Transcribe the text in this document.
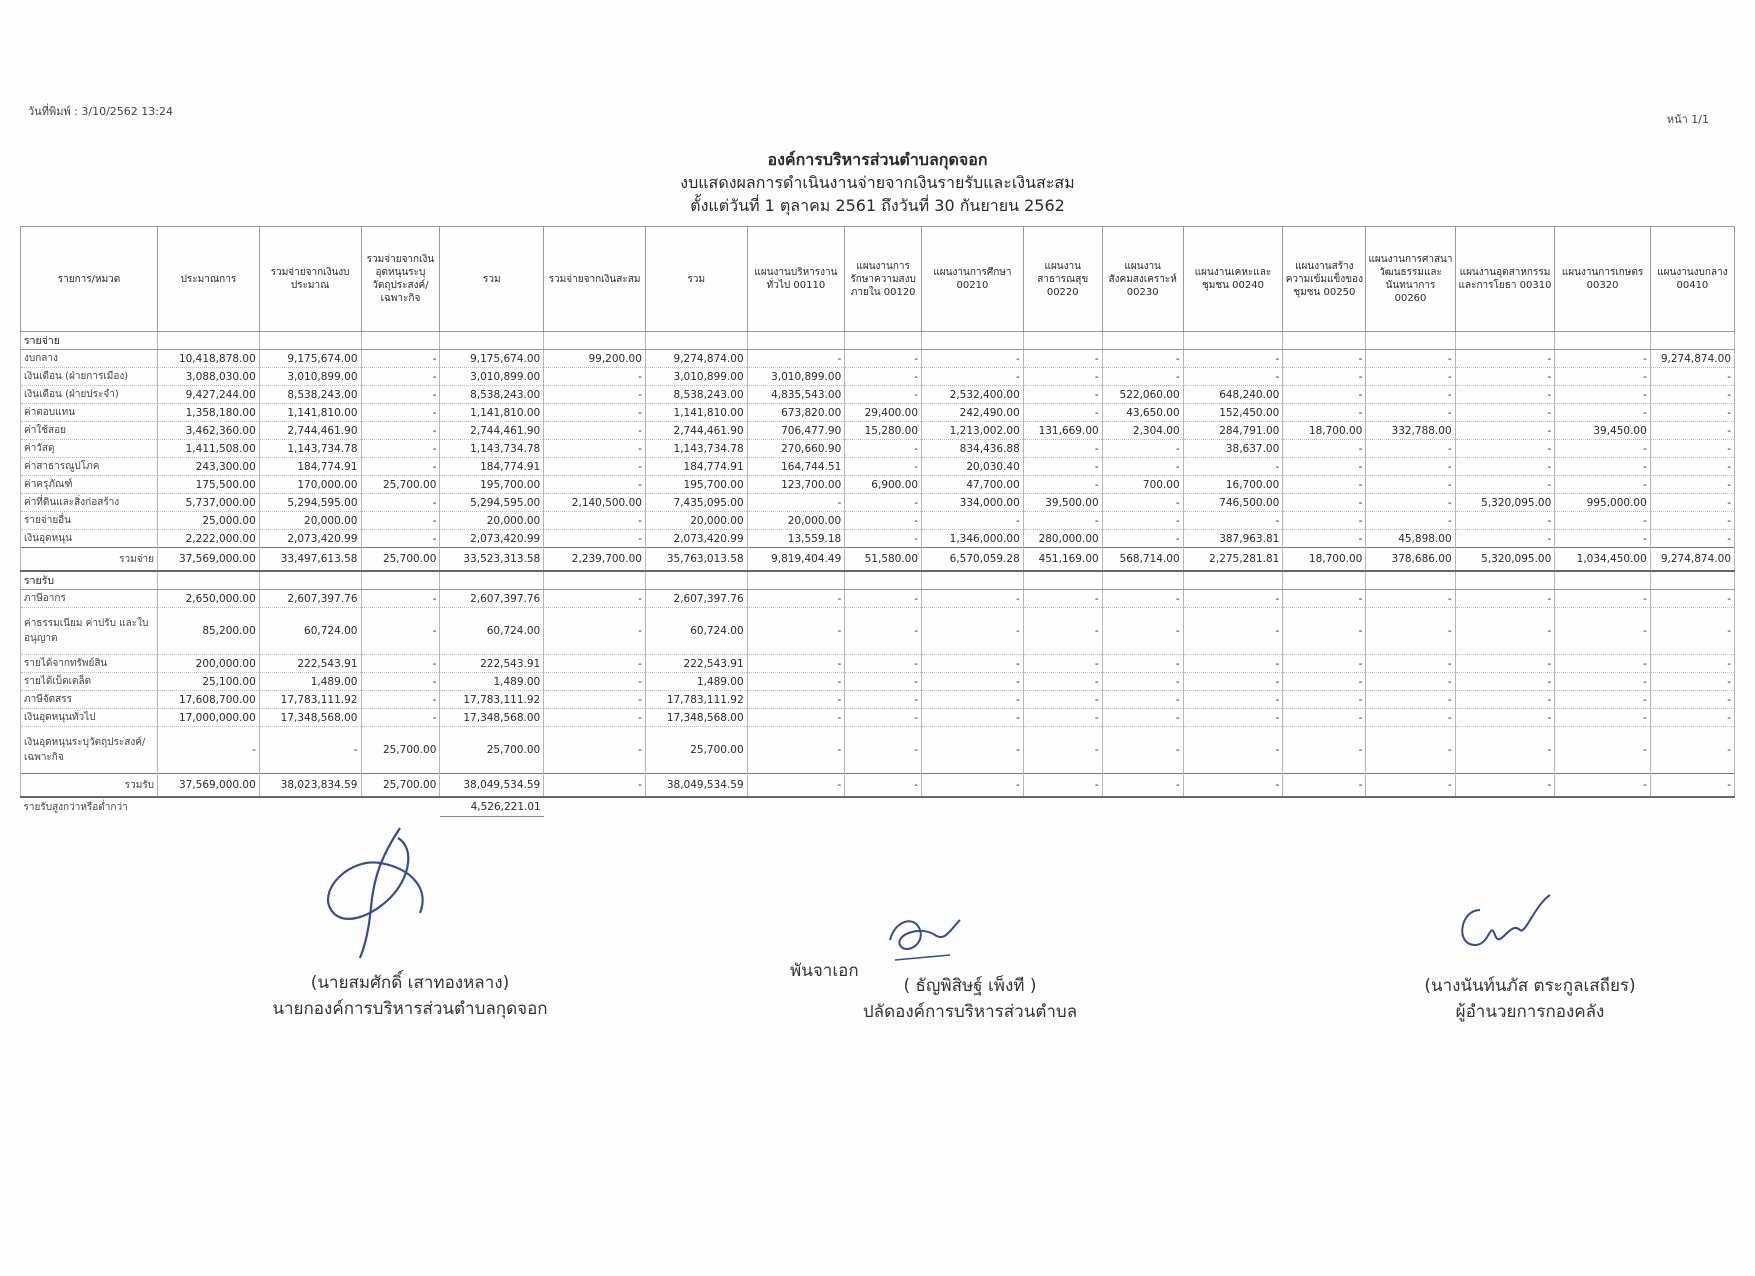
วันที่พิมพ์ : 3/10/2562 13:24
หน้า 1/1
องค์การบริหารส่วนตำบลกุดจอก
งบแสดงผลการดำเนินงานจ่ายจากเงินรายรับและเงินสะสม
ตั้งแต่วันที่ 1 ตุลาคม 2561 ถึงวันที่ 30 กันยายน 2562
รายการ/หมวด	ประมาณการ	รวมจ่ายจากเงินงบประมาณ	รวมจ่ายจากเงินอุดหนุนระบุวัตถุประสงค์/เฉพาะกิจ	รวม	รวมจ่ายจากเงินสะสม	รวม	แผนงานบริหารงานทั่วไป 00110	แผนงานการรักษาความสงบภายใน 00120	แผนงานการศึกษา 00210	แผนงานสาธารณสุข 00220	แผนงานสังคมสงเคราะห์ 00230	แผนงานเคหะและชุมชน 00240	แผนงานสร้างความเข้มแข็งของชุมชน 00250	แผนงานการศาสนาวัฒนธรรมและนันทนาการ 00260	แผนงานอุตสาหกรรมและการโยธา 00310	แผนงานการเกษตร 00320	แผนงานงบกลาง 00410
รายจ่าย																	
งบกลาง	10,418,878.00	9,175,674.00	-	9,175,674.00	99,200.00	9,274,874.00	-	-	-	-	-	-	-	-	-	-	9,274,874.00
เงินเดือน (ฝ่ายการเมือง)	3,088,030.00	3,010,899.00	-	3,010,899.00	-	3,010,899.00	3,010,899.00	-	-	-	-	-	-	-	-	-	-
เงินเดือน (ฝ่ายประจำ)	9,427,244.00	8,538,243.00	-	8,538,243.00	-	8,538,243.00	4,835,543.00	-	2,532,400.00	-	522,060.00	648,240.00	-	-	-	-	-
ค่าตอบแทน	1,358,180.00	1,141,810.00	-	1,141,810.00	-	1,141,810.00	673,820.00	29,400.00	242,490.00	-	43,650.00	152,450.00	-	-	-	-	-
ค่าใช้สอย	3,462,360.00	2,744,461.90	-	2,744,461.90	-	2,744,461.90	706,477.90	15,280.00	1,213,002.00	131,669.00	2,304.00	284,791.00	18,700.00	332,788.00	-	39,450.00	-
ค่าวัสดุ	1,411,508.00	1,143,734.78	-	1,143,734.78	-	1,143,734.78	270,660.90	-	834,436.88	-	-	38,637.00	-	-	-	-	-
ค่าสาธารณูปโภค	243,300.00	184,774.91	-	184,774.91	-	184,774.91	164,744.51	-	20,030.40	-	-	-	-	-	-	-	-
ค่าครุภัณฑ์	175,500.00	170,000.00	25,700.00	195,700.00	-	195,700.00	123,700.00	6,900.00	47,700.00	-	700.00	16,700.00	-	-	-	-	-
ค่าที่ดินและสิ่งก่อสร้าง	5,737,000.00	5,294,595.00	-	5,294,595.00	2,140,500.00	7,435,095.00	-	-	334,000.00	39,500.00	-	746,500.00	-	-	5,320,095.00	995,000.00	-
รายจ่ายอื่น	25,000.00	20,000.00	-	20,000.00	-	20,000.00	20,000.00	-	-	-	-	-	-	-	-	-	-
เงินอุดหนุน	2,222,000.00	2,073,420.99	-	2,073,420.99	-	2,073,420.99	13,559.18	-	1,346,000.00	280,000.00	-	387,963.81	-	45,898.00	-	-	-
รวมจ่าย	37,569,000.00	33,497,613.58	25,700.00	33,523,313.58	2,239,700.00	35,763,013.58	9,819,404.49	51,580.00	6,570,059.28	451,169.00	568,714.00	2,275,281.81	18,700.00	378,686.00	5,320,095.00	1,034,450.00	9,274,874.00
รายรับ																	
ภาษีอากร	2,650,000.00	2,607,397.76	-	2,607,397.76	-	2,607,397.76	-	-	-	-	-	-	-	-	-	-	-
ค่าธรรมเนียม ค่าปรับ และใบอนุญาต	85,200.00	60,724.00	-	60,724.00	-	60,724.00	-	-	-	-	-	-	-	-	-	-	-
รายได้จากทรัพย์สิน	200,000.00	222,543.91	-	222,543.91	-	222,543.91	-	-	-	-	-	-	-	-	-	-	-
รายได้เบ็ดเตล็ด	25,100.00	1,489.00	-	1,489.00	-	1,489.00	-	-	-	-	-	-	-	-	-	-	-
ภาษีจัดสรร	17,608,700.00	17,783,111.92	-	17,783,111.92	-	17,783,111.92	-	-	-	-	-	-	-	-	-	-	-
เงินอุดหนุนทั่วไป	17,000,000.00	17,348,568.00	-	17,348,568.00	-	17,348,568.00	-	-	-	-	-	-	-	-	-	-	-
เงินอุดหนุนระบุวัตถุประสงค์/เฉพาะกิจ	-	-	25,700.00	25,700.00	-	25,700.00	-	-	-	-	-	-	-	-	-	-	-
รวมรับ	37,569,000.00	38,023,834.59	25,700.00	38,049,534.59	-	38,049,534.59	-	-	-	-	-	-	-	-	-	-	-
รายรับสูงกว่าหรือต่ำกว่า				4,526,221.01													
(นายสมศักดิ์ เสาทองหลาง)
นายกองค์การบริหารส่วนตำบลกุดจอก
พันจาเอก
( ธัญพิสิษฐ์ เพ็งที )
ปลัดองค์การบริหารส่วนตำบล
(นางนันท์นภัส ตระกูลเสถียร)
ผู้อำนวยการกองคลัง
